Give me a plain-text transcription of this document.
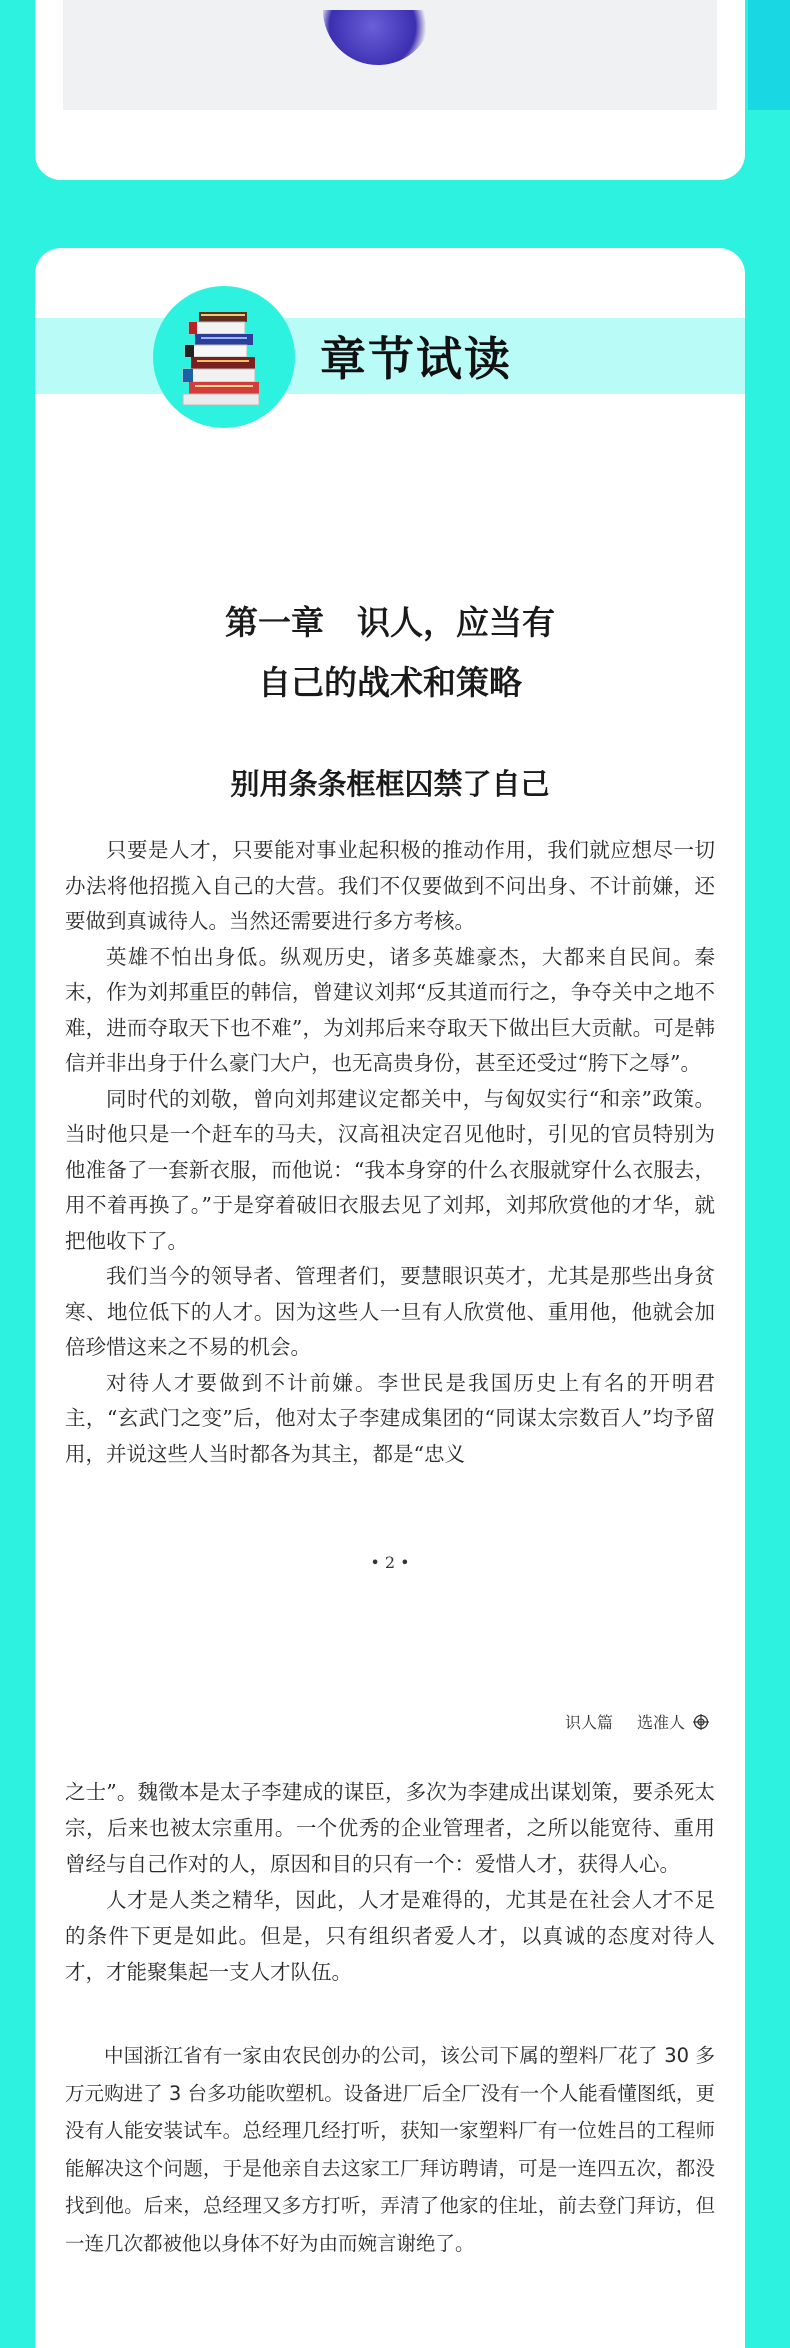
章节试读
第一章　识人，应当有
自己的战术和策略
别用条条框框囚禁了自己

只要是人才，只要能对事业起积极的推动作用，我们就应想尽一切办法将他招揽入自己的大营。我们不仅要做到不问出身、不计前嫌，还要做到真诚待人。当然还需要进行多方考核。

英雄不怕出身低。纵观历史，诸多英雄豪杰，大都来自民间。秦末，作为刘邦重臣的韩信，曾建议刘邦“反其道而行之，争夺关中之地不难，进而夺取天下也不难”，为刘邦后来夺取天下做出巨大贡献。可是韩信并非出身于什么豪门大户，也无高贵身份，甚至还受过“胯下之辱”。

同时代的刘敬，曾向刘邦建议定都关中，与匈奴实行“和亲”政策。当时他只是一个赶车的马夫，汉高祖决定召见他时，引见的官员特别为他准备了一套新衣服，而他说：“我本身穿的什么衣服就穿什么衣服去，用不着再换了。”于是穿着破旧衣服去见了刘邦，刘邦欣赏他的才华，就把他收下了。

我们当今的领导者、管理者们，要慧眼识英才，尤其是那些出身贫寒、地位低下的人才。因为这些人一旦有人欣赏他、重用他，他就会加倍珍惜这来之不易的机会。

对待人才要做到不计前嫌。李世民是我国历史上有名的开明君主，“玄武门之变”后，他对太子李建成集团的“同谋太宗数百人”均予留用，并说这些人当时都各为其主，都是“忠义

• 2 •
识人篇 选准人

之士”。魏徵本是太子李建成的谋臣，多次为李建成出谋划策，要杀死太宗，后来也被太宗重用。一个优秀的企业管理者，之所以能宽待、重用曾经与自己作对的人，原因和目的只有一个：爱惜人才，获得人心。

人才是人类之精华，因此，人才是难得的，尤其是在社会人才不足的条件下更是如此。但是，只有组织者爱人才，以真诚的态度对待人才，才能聚集起一支人才队伍。

中国浙江省有一家由农民创办的公司，该公司下属的塑料厂花了 30 多万元购进了 3 台多功能吹塑机。设备进厂后全厂没有一个人能看懂图纸，更没有人能安装试车。总经理几经打听，获知一家塑料厂有一位姓吕的工程师能解决这个问题，于是他亲自去这家工厂拜访聘请，可是一连四五次，都没找到他。后来，总经理又多方打听，弄清了他家的住址，前去登门拜访，但一连几次都被他以身体不好为由而婉言谢绝了。
